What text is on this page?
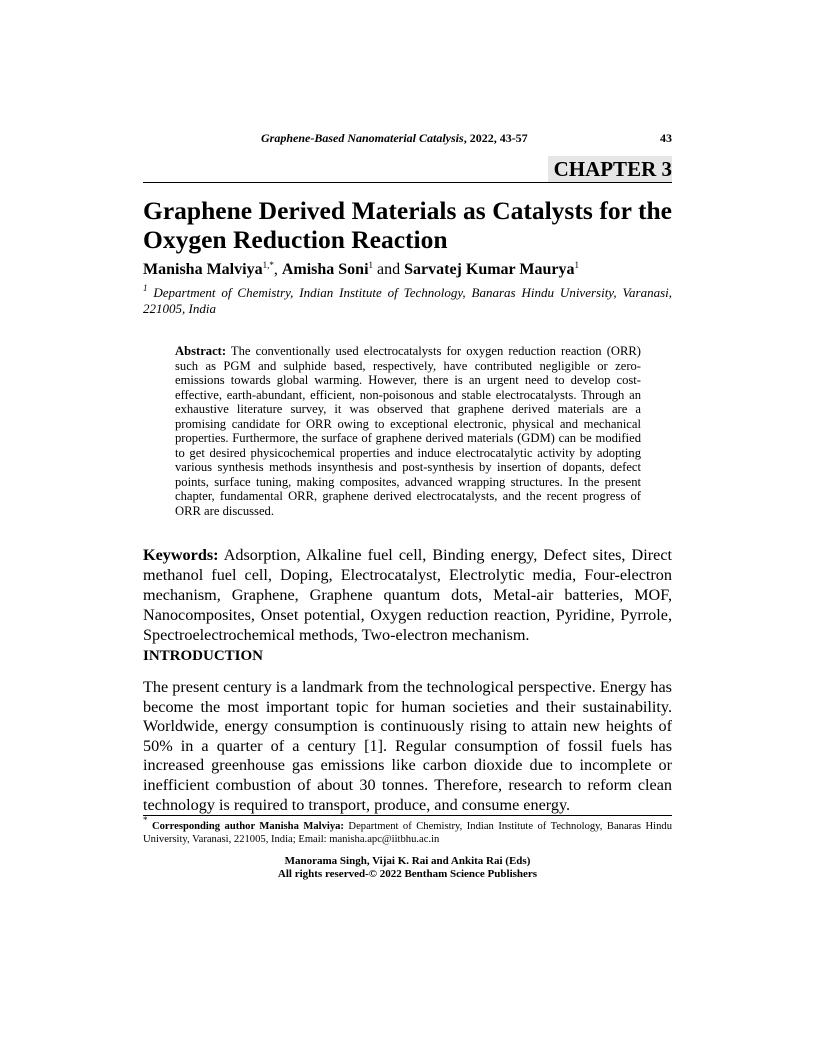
Graphene-Based Nanomaterial Catalysis, 2022, 43-57	43
CHAPTER 3
Graphene Derived Materials as Catalysts for the Oxygen Reduction Reaction
Manisha Malviya$^{1,*}$, Amisha Soni$^1$ and Sarvatej Kumar Maurya$^1$
$^1$ Department of Chemistry, Indian Institute of Technology, Banaras Hindu University, Varanasi, 221005, India
Abstract: The conventionally used electrocatalysts for oxygen reduction reaction (ORR) such as PGM and sulphide based, respectively, have contributed negligible or zero-emissions towards global warming. However, there is an urgent need to develop cost-effective, earth-abundant, efficient, non-poisonous and stable electrocatalysts. Through an exhaustive literature survey, it was observed that graphene derived materials are a promising candidate for ORR owing to exceptional electronic, physical and mechanical properties. Furthermore, the surface of graphene derived materials (GDM) can be modified to get desired physicochemical properties and induce electrocatalytic activity by adopting various synthesis methods insynthesis and post-synthesis by insertion of dopants, defect points, surface tuning, making composites, advanced wrapping structures. In the present chapter, fundamental ORR, graphene derived electrocatalysts, and the recent progress of ORR are discussed.
Keywords: Adsorption, Alkaline fuel cell, Binding energy, Defect sites, Direct methanol fuel cell, Doping, Electrocatalyst, Electrolytic media, Four-electron mechanism, Graphene, Graphene quantum dots, Metal-air batteries, MOF, Nanocomposites, Onset potential, Oxygen reduction reaction, Pyridine, Pyrrole, Spectroelectrochemical methods, Two-electron mechanism.
INTRODUCTION
The present century is a landmark from the technological perspective. Energy has become the most important topic for human societies and their sustainability. Worldwide, energy consumption is continuously rising to attain new heights of 50% in a quarter of a century [1]. Regular consumption of fossil fuels has increased greenhouse gas emissions like carbon dioxide due to incomplete or inefficient combustion of about 30 tonnes. Therefore, research to reform clean technology is required to transport, produce, and consume energy.
* Corresponding author Manisha Malviya: Department of Chemistry, Indian Institute of Technology, Banaras Hindu University, Varanasi, 221005, India; Email: manisha.apc@iitbhu.ac.in
Manorama Singh, Vijai K. Rai and Ankita Rai (Eds)
All rights reserved-© 2022 Bentham Science Publishers
